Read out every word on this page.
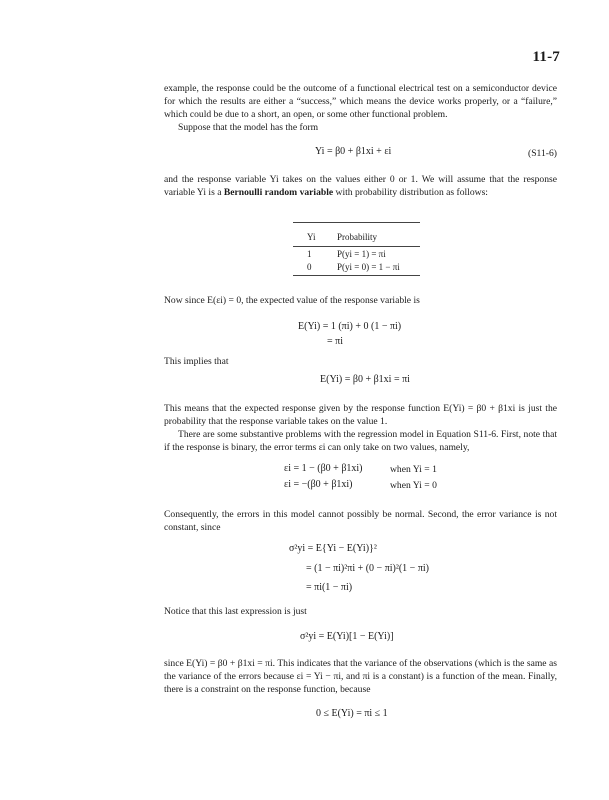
11-7
example, the response could be the outcome of a functional electrical test on a semiconductor device for which the results are either a “success,” which means the device works properly, or a “failure,” which could be due to a short, an open, or some other functional problem.
Suppose that the model has the form
Yi = β0 + β1xi + εi	(S11-6)
and the response variable Yi takes on the values either 0 or 1. We will assume that the response variable Yi is a Bernoulli random variable with probability distribution as follows:
Yi	Probability
1	P(yi = 1) = πi
0	P(yi = 0) = 1 − πi
Now since E(εi) = 0, the expected value of the response variable is
E(Yi) = 1 (πi) + 0 (1 − πi)
= πi
This implies that
E(Yi) = β0 + β1xi = πi
This means that the expected response given by the response function E(Yi) = β0 + β1xi is just the probability that the response variable takes on the value 1.
There are some substantive problems with the regression model in Equation S11-6. First, note that if the response is binary, the error terms εi can only take on two values, namely,
εi = 1 − (β0 + β1xi)	when Yi = 1
εi = −(β0 + β1xi)	when Yi = 0
Consequently, the errors in this model cannot possibly be normal. Second, the error variance is not constant, since
σ²yi = E{Yi − E(Yi)}²
= (1 − πi)²πi + (0 − πi)²(1 − πi)
= πi(1 − πi)
Notice that this last expression is just
σ²yi = E(Yi)[1 − E(Yi)]
since E(Yi) = β0 + β1xi = πi. This indicates that the variance of the observations (which is the same as the variance of the errors because εi = Yi − πi, and πi is a constant) is a function of the mean. Finally, there is a constraint on the response function, because
0 ≤ E(Yi) = πi ≤ 1
